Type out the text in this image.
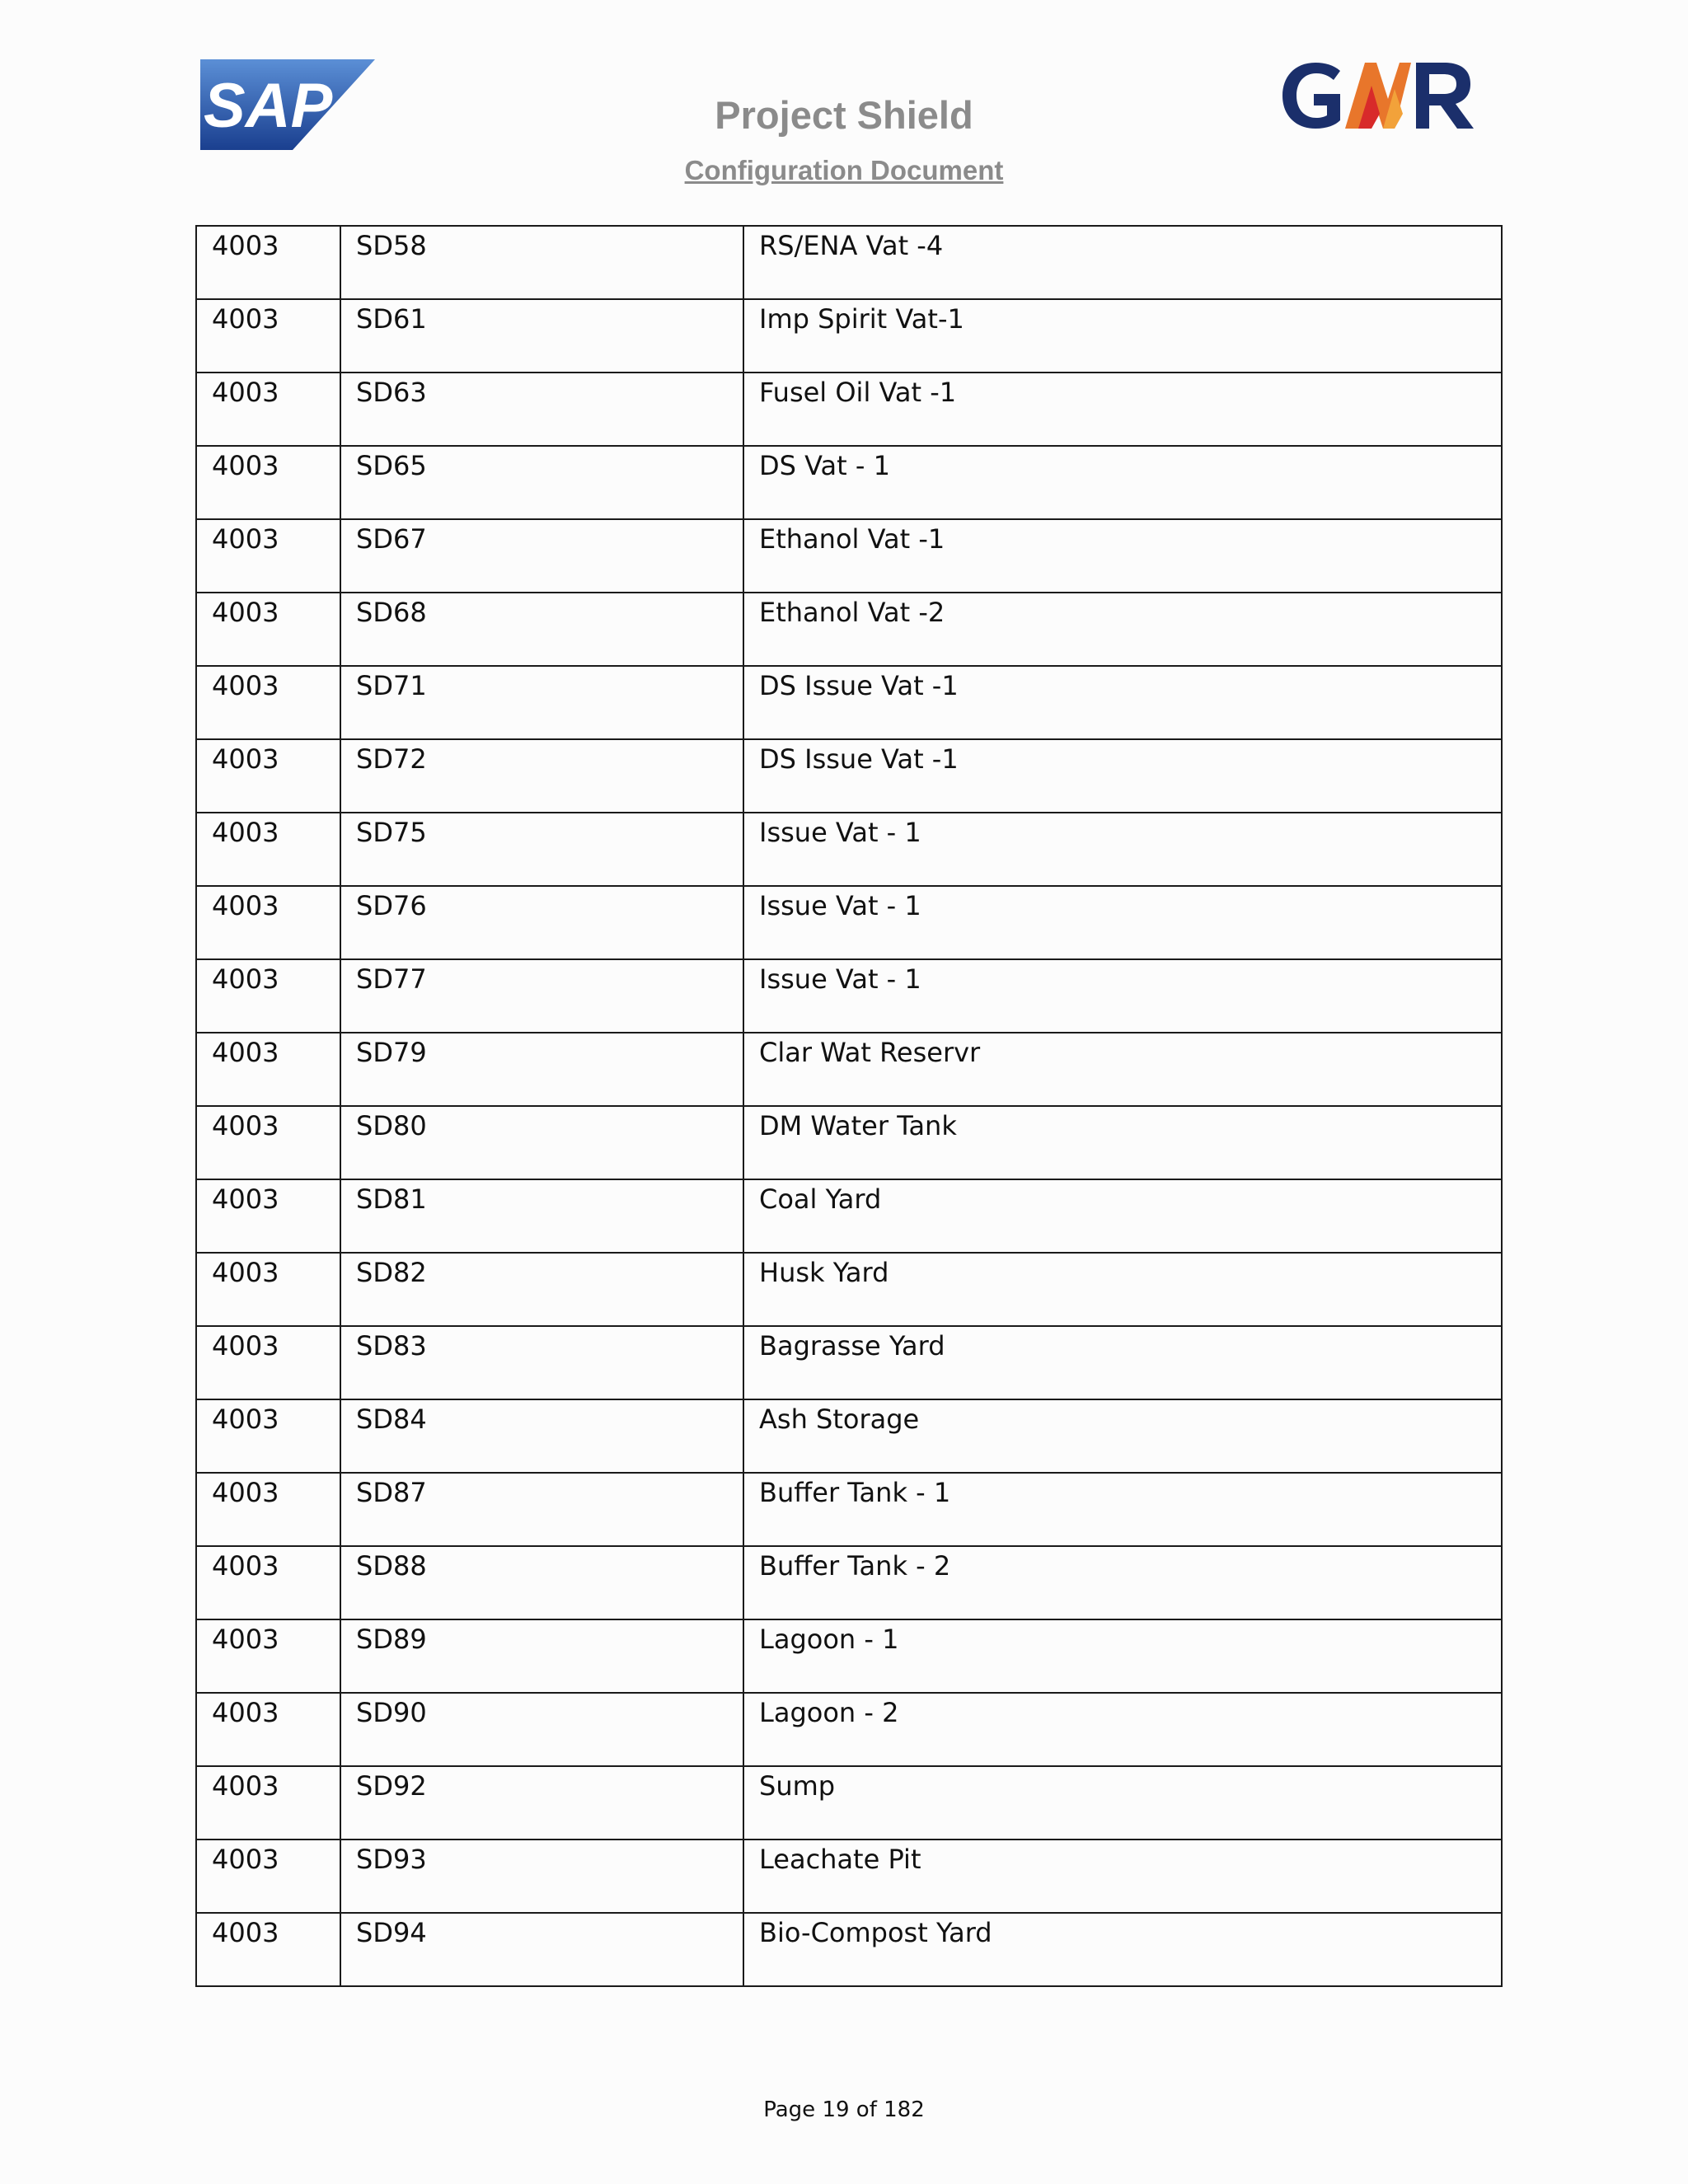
SAP
GMR
Project Shield
Configuration Document
4003	SD58	RS/ENA Vat -4
4003	SD61	Imp Spirit Vat-1
4003	SD63	Fusel Oil Vat -1
4003	SD65	DS Vat - 1
4003	SD67	Ethanol Vat -1
4003	SD68	Ethanol Vat -2
4003	SD71	DS Issue Vat -1
4003	SD72	DS Issue Vat -1
4003	SD75	Issue Vat - 1
4003	SD76	Issue Vat - 1
4003	SD77	Issue Vat - 1
4003	SD79	Clar Wat Reservr
4003	SD80	DM Water Tank
4003	SD81	Coal Yard
4003	SD82	Husk Yard
4003	SD83	Bagrasse Yard
4003	SD84	Ash Storage
4003	SD87	Buffer Tank - 1
4003	SD88	Buffer Tank - 2
4003	SD89	Lagoon - 1
4003	SD90	Lagoon - 2
4003	SD92	Sump
4003	SD93	Leachate Pit
4003	SD94	Bio-Compost Yard
Page 19 of 182
